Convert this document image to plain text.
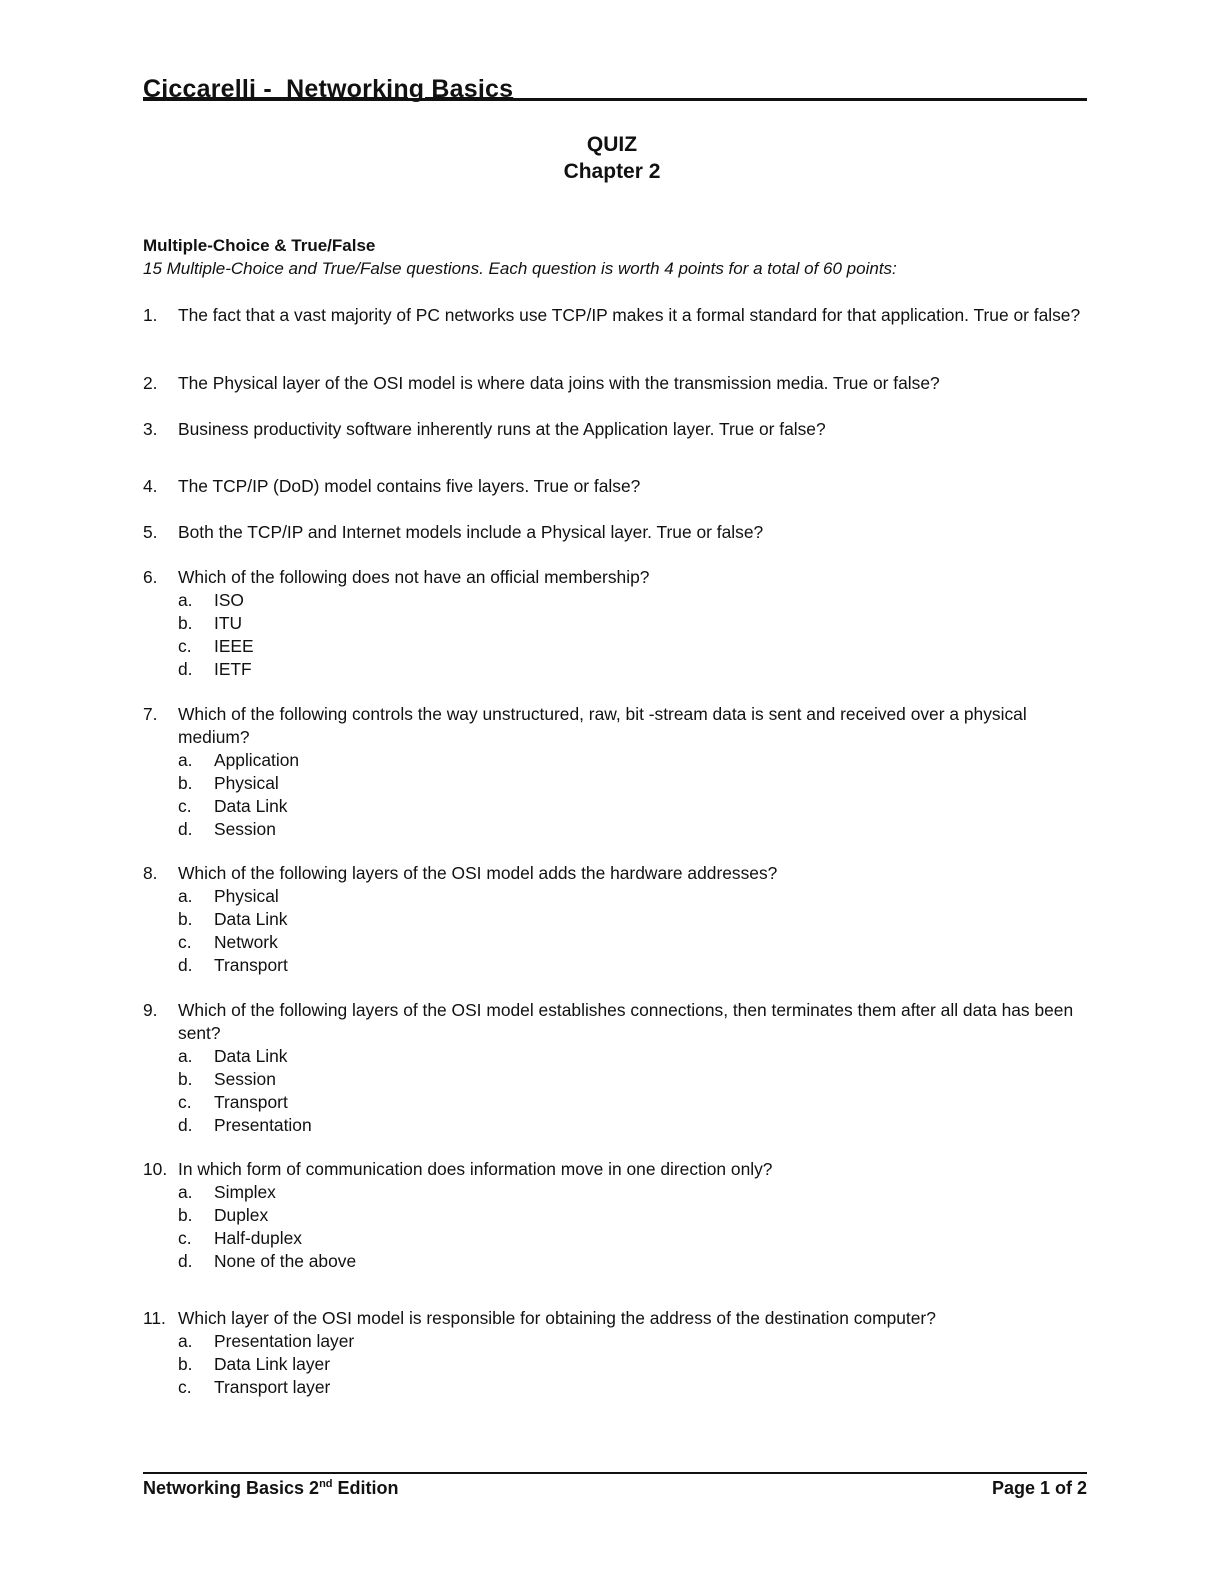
Ciccarelli -  Networking Basics
QUIZ
Chapter 2
Multiple-Choice & True/False
15 Multiple-Choice and True/False questions. Each question is worth 4 points for a total of 60 points:
1. The fact that a vast majority of PC networks use TCP/IP makes it a formal standard for that application. True or false?
2. The Physical layer of the OSI model is where data joins with the transmission media. True or false?
3. Business productivity software inherently runs at the Application layer. True or false?
4. The TCP/IP (DoD) model contains five layers. True or false?
5. Both the TCP/IP and Internet models include a Physical layer. True or false?
6. Which of the following does not have an official membership?
a. ISO
b. ITU
c. IEEE
d. IETF
7. Which of the following controls the way unstructured, raw, bit -stream data is sent and received over a physical medium?
a. Application
b. Physical
c. Data Link
d. Session
8. Which of the following layers of the OSI model adds the hardware addresses?
a. Physical
b. Data Link
c. Network
d. Transport
9. Which of the following layers of the OSI model establishes connections, then terminates them after all data has been sent?
a. Data Link
b. Session
c. Transport
d. Presentation
10. In which form of communication does information move in one direction only?
a. Simplex
b. Duplex
c. Half-duplex
d. None of the above
11. Which layer of the OSI model is responsible for obtaining the address of the destination computer?
a. Presentation layer
b. Data Link layer
c. Transport layer
Networking Basics 2nd Edition	Page 1 of 2
